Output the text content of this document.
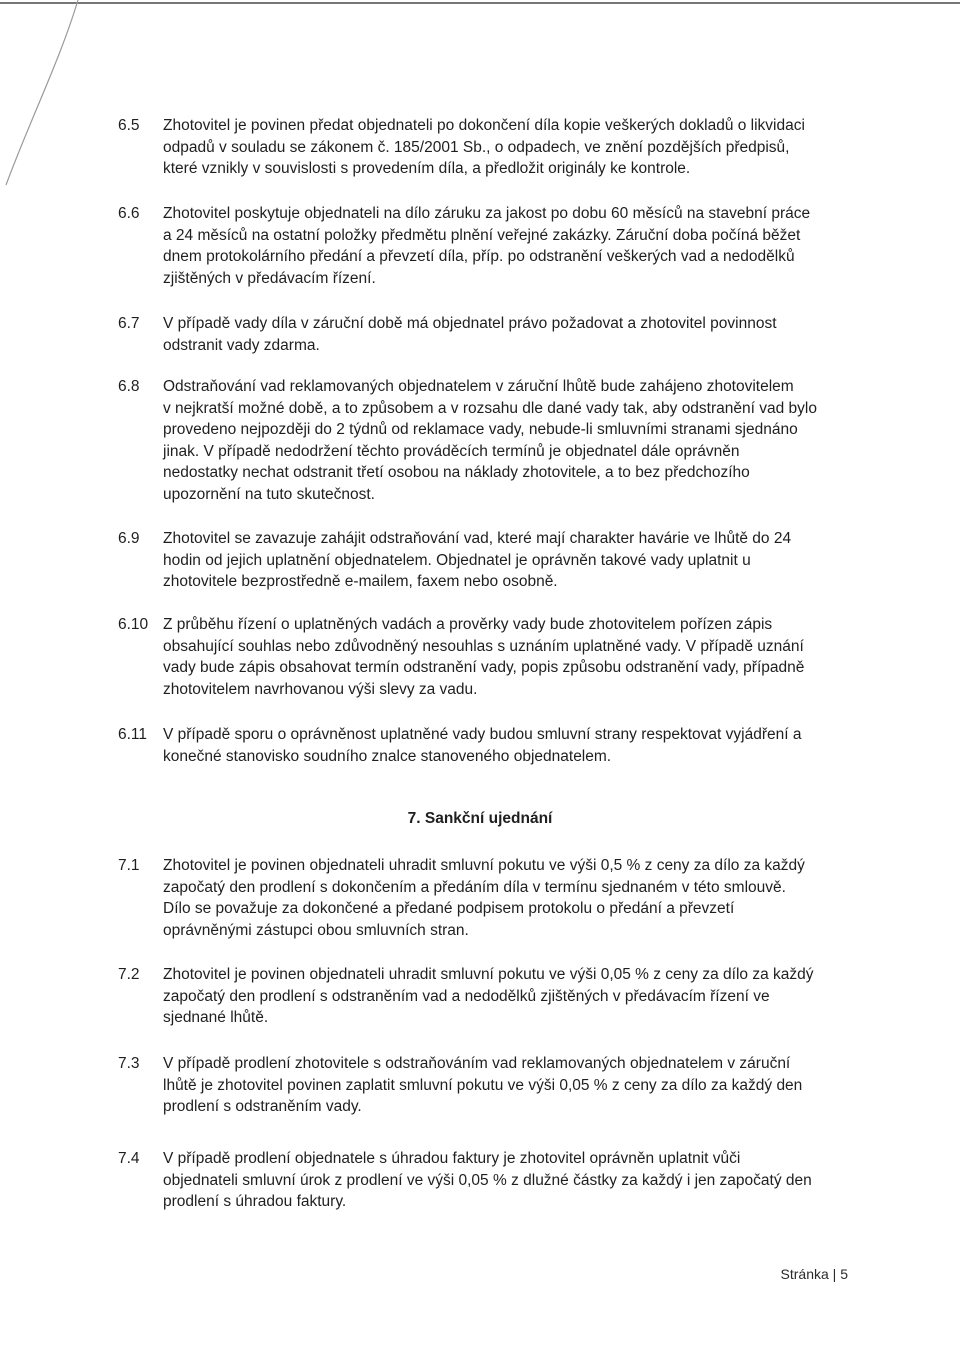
6.5	Zhotovitel je povinen předat objednateli po dokončení díla kopie veškerých dokladů o likvidaci
odpadů v souladu se zákonem č. 185/2001 Sb., o odpadech, ve znění pozdějších předpisů,
které vznikly v souvislosti s provedením díla, a předložit originály ke kontrole.
6.6	Zhotovitel poskytuje objednateli na dílo záruku za jakost po dobu 60 měsíců na stavební práce
a 24 měsíců na ostatní položky předmětu plnění veřejné zakázky. Záruční doba počíná běžet
dnem protokolárního předání a převzetí díla, příp. po odstranění veškerých vad a nedodělků
zjištěných v předávacím řízení.
6.7	V případě vady díla v záruční době má objednatel právo požadovat a zhotovitel povinnost
odstranit vady zdarma.
6.8	Odstraňování vad reklamovaných objednatelem v záruční lhůtě bude zahájeno zhotovitelem
v nejkratší možné době, a to způsobem a v rozsahu dle dané vady tak, aby odstranění vad bylo
provedeno nejpozději do 2 týdnů od reklamace vady, nebude-li smluvními stranami sjednáno
jinak. V případě nedodržení těchto prováděcích termínů je objednatel dále oprávněn
nedostatky nechat odstranit třetí osobou na náklady zhotovitele, a to bez předchozího
upozornění na tuto skutečnost.
6.9	Zhotovitel se zavazuje zahájit odstraňování vad, které mají charakter havárie ve lhůtě do 24
hodin od jejich uplatnění objednatelem. Objednatel je oprávněn takové vady uplatnit u
zhotovitele bezprostředně e-mailem, faxem nebo osobně.
6.10 Z průběhu řízení o uplatněných vadách a prověrky vady bude zhotovitelem pořízen zápis
obsahující souhlas nebo zdůvodněný nesouhlas s uznáním uplatněné vady. V případě uznání
vady bude zápis obsahovat termín odstranění vady, popis způsobu odstranění vady, případně
zhotovitelem navrhovanou výši slevy za vadu.
6.11	V případě sporu o oprávněnost uplatněné vady budou smluvní strany respektovat vyjádření a
konečné stanovisko soudního znalce stanoveného objednatelem.
7. Sankční ujednání
7.1	Zhotovitel je povinen objednateli uhradit smluvní pokutu ve výši 0,5 % z ceny za dílo za každý
započatý den prodlení s dokončením a předáním díla v termínu sjednaném v této smlouvě.
Dílo se považuje za dokončené a předané podpisem protokolu o předání a převzetí
oprávněnými zástupci obou smluvních stran.
7.2	Zhotovitel je povinen objednateli uhradit smluvní pokutu ve výši 0,05 % z ceny za dílo za každý
započatý den prodlení s odstraněním vad a nedodělků zjištěných v předávacím řízení ve
sjednané lhůtě.
7.3	V případě prodlení zhotovitele s odstraňováním vad reklamovaných objednatelem v záruční
lhůtě je zhotovitel povinen zaplatit smluvní pokutu ve výši 0,05 % z ceny za dílo za každý den
prodlení s odstraněním vady.
7.4	V případě prodlení objednatele s úhradou faktury je zhotovitel oprávněn uplatnit vůči
objednateli smluvní úrok z prodlení ve výši 0,05 % z dlužné částky za každý i jen započatý den
prodlení s úhradou faktury.
Stránka | 5
